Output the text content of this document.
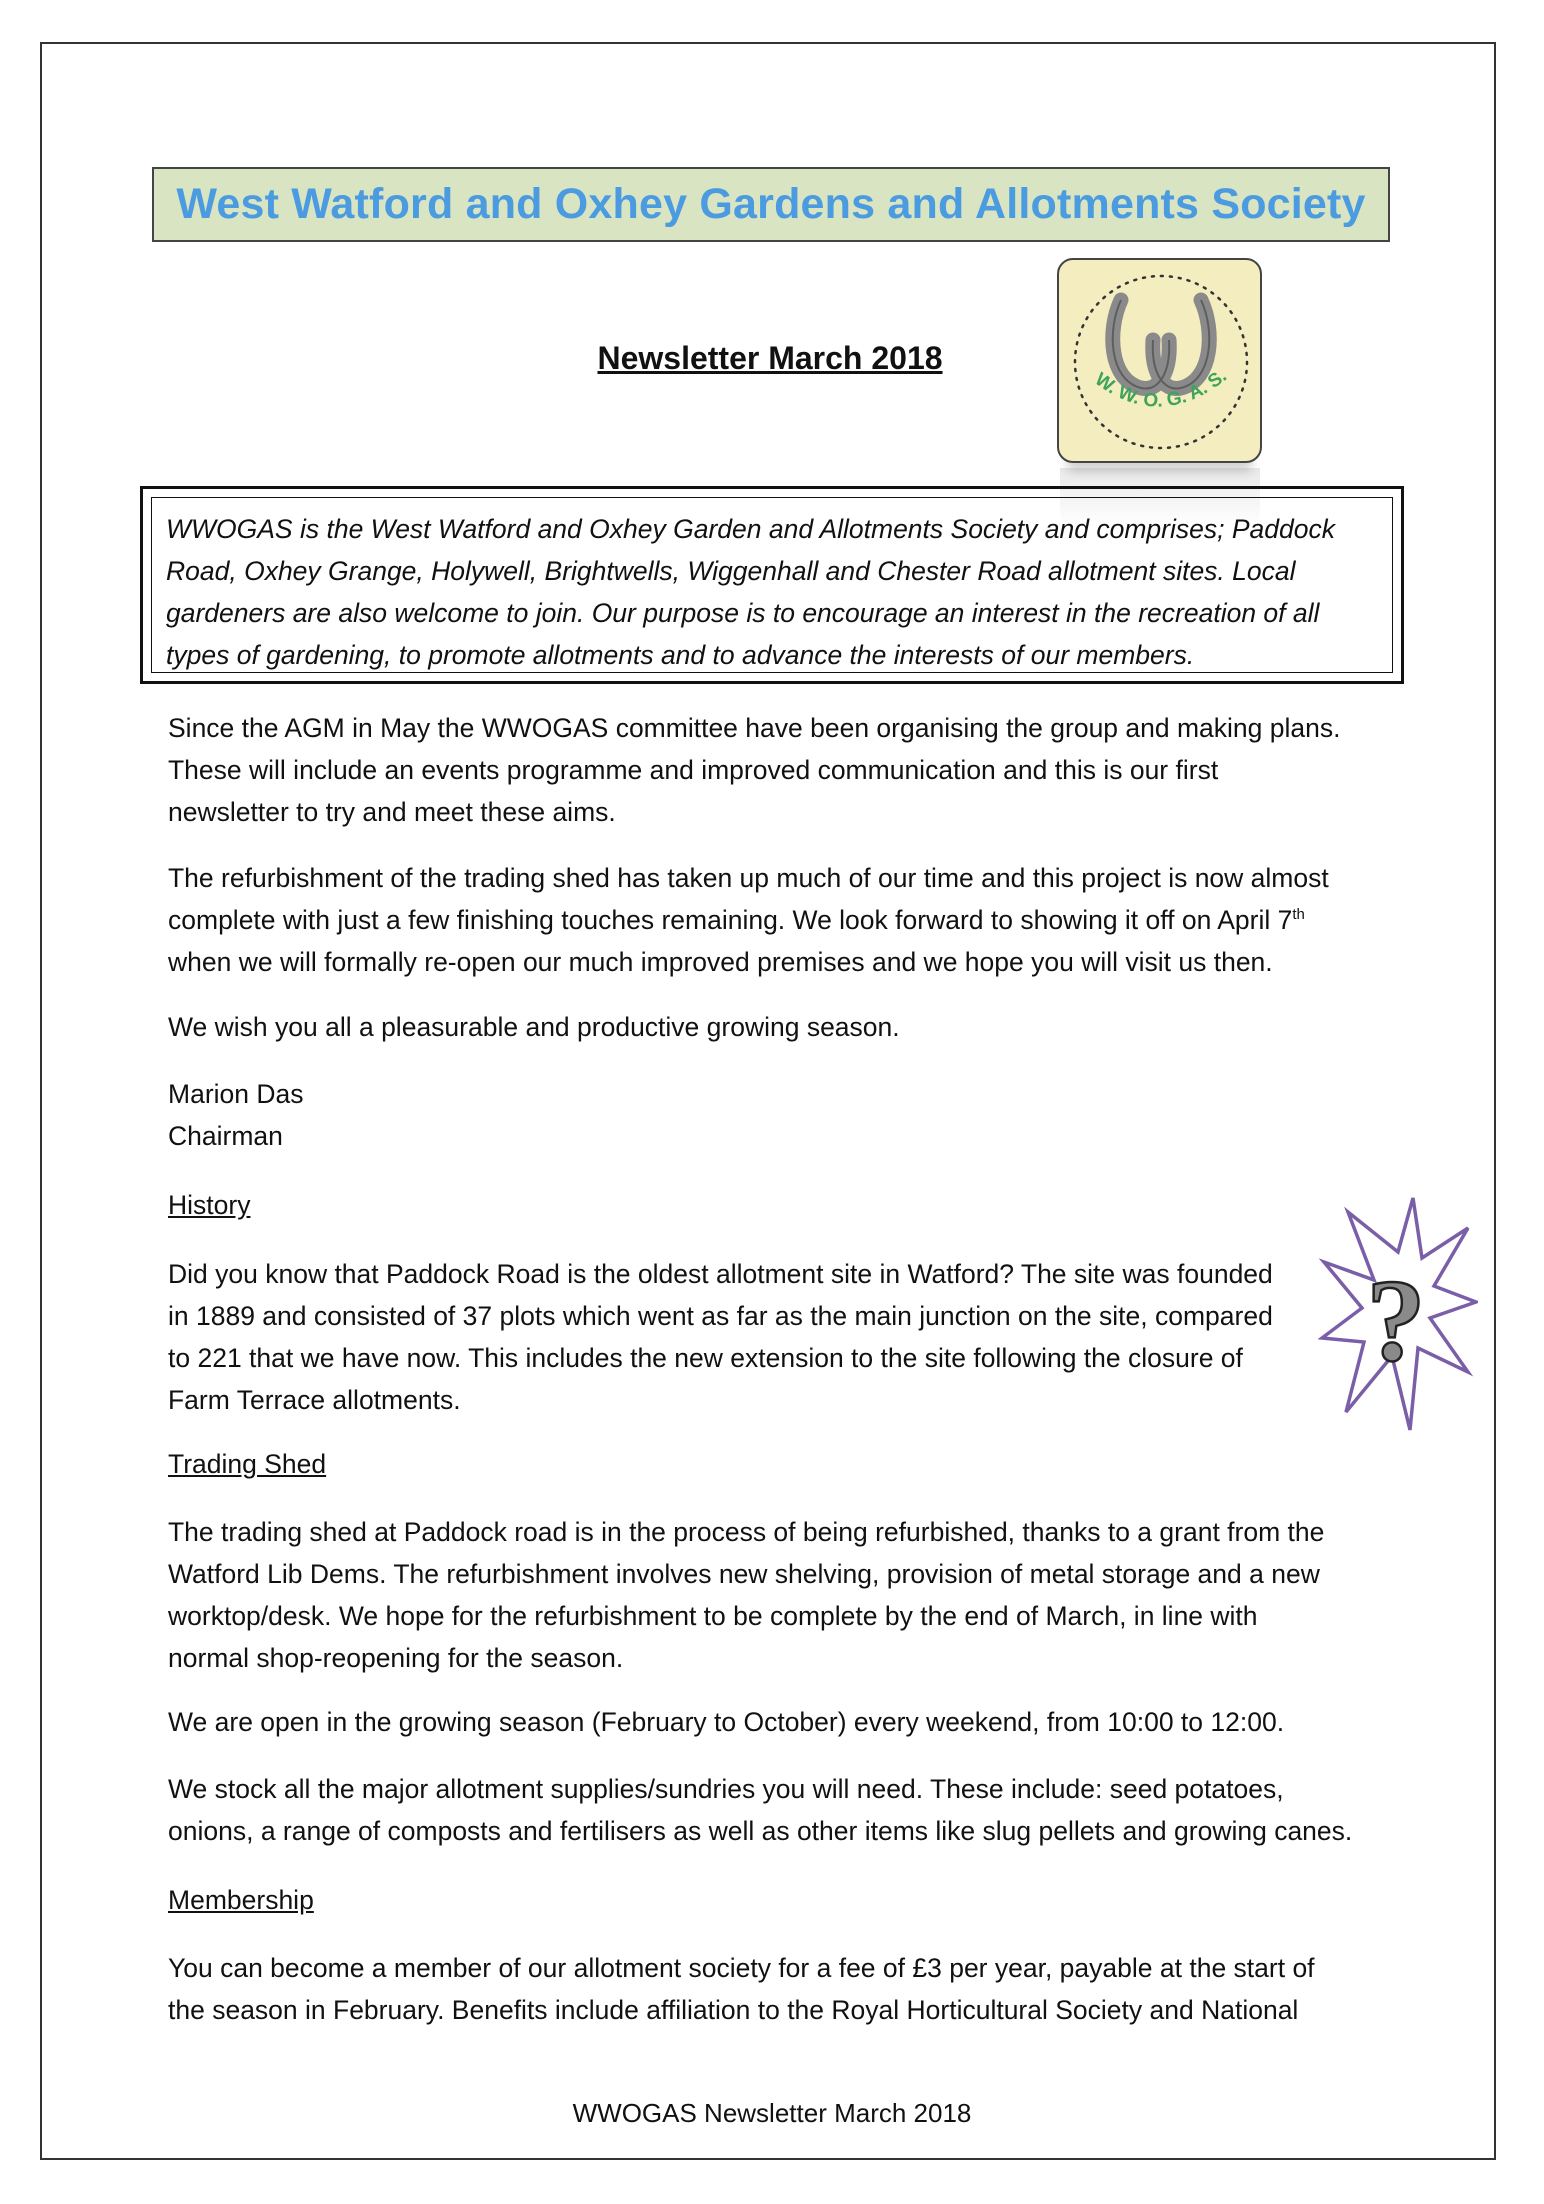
West Watford and Oxhey Gardens and Allotments Society
Newsletter March 2018
W. W. O. G. A. S.
WWOGAS is the West Watford and Oxhey Garden and Allotments Society and comprises; Paddock Road, Oxhey Grange, Holywell, Brightwells, Wiggenhall and Chester Road allotment sites. Local gardeners are also welcome to join. Our purpose is to encourage an interest in the recreation of all types of gardening, to promote allotments and to advance the interests of our members.
Since the AGM in May the WWOGAS committee have been organising the group and making plans.
These will include an events programme and improved communication and this is our first
newsletter to try and meet these aims.
The refurbishment of the trading shed has taken up much of our time and this project is now almost
complete with just a few finishing touches remaining. We look forward to showing it off on April 7th
when we will formally re-open our much improved premises and we hope you will visit us then.
We wish you all a pleasurable and productive growing season.
Marion Das
Chairman
History
?
Did you know that Paddock Road is the oldest allotment site in Watford? The site was founded
in 1889 and consisted of 37 plots which went as far as the main junction on the site, compared
to 221 that we have now. This includes the new extension to the site following the closure of
Farm Terrace allotments.
Trading Shed
The trading shed at Paddock road is in the process of being refurbished, thanks to a grant from the
Watford Lib Dems. The refurbishment involves new shelving, provision of metal storage and a new
worktop/desk. We hope for the refurbishment to be complete by the end of March, in line with
normal shop-reopening for the season.
We are open in the growing season (February to October) every weekend, from 10:00 to 12:00.
We stock all the major allotment supplies/sundries you will need. These include: seed potatoes,
onions, a range of composts and fertilisers as well as other items like slug pellets and growing canes.
Membership
You can become a member of our allotment society for a fee of £3 per year, payable at the start of
the season in February. Benefits include affiliation to the Royal Horticultural Society and National
WWOGAS Newsletter March 2018
